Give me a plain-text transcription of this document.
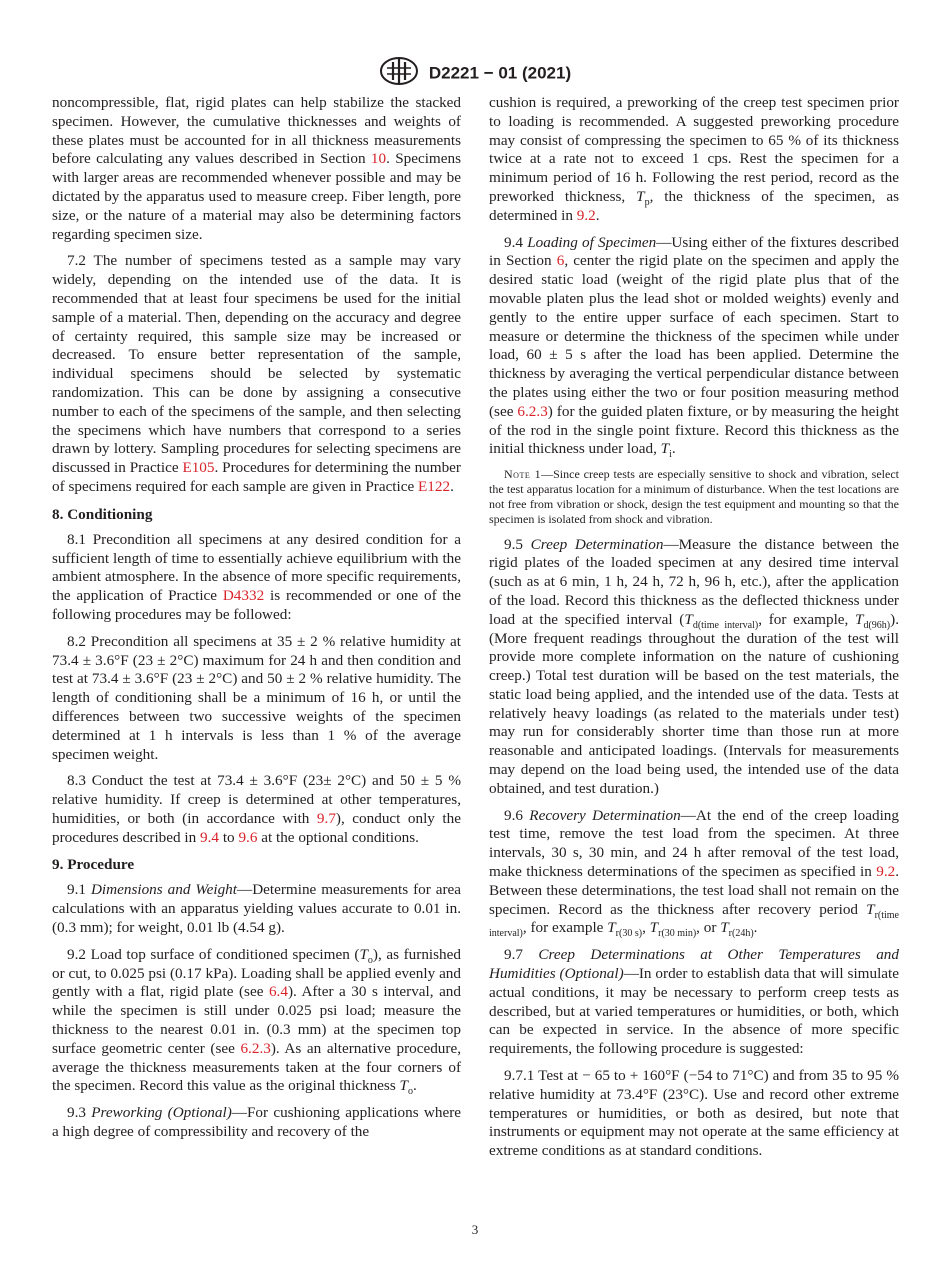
D2221 − 01 (2021)

noncompressible, flat, rigid plates can help stabilize the stacked specimen. However, the cumulative thicknesses and weights of these plates must be accounted for in all thickness measurements before calculating any values described in Section 10. Specimens with larger areas are recommended whenever possible and may be dictated by the apparatus used to measure creep. Fiber length, pore size, or the nature of a material may also be determining factors regarding specimen size.

7.2 The number of specimens tested as a sample may vary widely, depending on the intended use of the data. It is recommended that at least four specimens be used for the initial sample of a material. Then, depending on the accuracy and degree of certainty required, this sample size may be increased or decreased. To ensure better representation of the sample, individual specimens should be selected by systematic randomization. This can be done by assigning a consecutive number to each of the specimens of the sample, and then selecting the specimens which have numbers that correspond to a series drawn by lottery. Sampling procedures for selecting specimens are discussed in Practice E105. Procedures for determining the number of specimens required for each sample are given in Practice E122.

8. Conditioning

8.1 Precondition all specimens at any desired condition for a sufficient length of time to essentially achieve equilibrium with the ambient atmosphere. In the absence of more specific requirements, the application of Practice D4332 is recommended or one of the following procedures may be followed:

8.2 Precondition all specimens at 35 ± 2 % relative humidity at 73.4 ± 3.6°F (23 ± 2°C) maximum for 24 h and then condition and test at 73.4 ± 3.6°F (23 ± 2°C) and 50 ± 2 % relative humidity. The length of conditioning shall be a minimum of 16 h, or until the differences between two successive weights of the specimen determined at 1 h intervals is less than 1 % of the average specimen weight.

8.3 Conduct the test at 73.4 ± 3.6°F (23± 2°C) and 50 ± 5 % relative humidity. If creep is determined at other temperatures, humidities, or both (in accordance with 9.7), conduct only the procedures described in 9.4 to 9.6 at the optional conditions.

9. Procedure

9.1 Dimensions and Weight—Determine measurements for area calculations with an apparatus yielding values accurate to 0.01 in. (0.3 mm); for weight, 0.01 lb (4.54 g).

9.2 Load top surface of conditioned specimen $(T_o)$, as furnished or cut, to 0.025 psi (0.17 kPa). Loading shall be applied evenly and gently with a flat, rigid plate (see 6.4). After a 30 s interval, and while the specimen is still under 0.025 psi load; measure the thickness to the nearest 0.01 in. (0.3 mm) at the specimen top surface geometric center (see 6.2.3). As an alternative procedure, average the thickness measurements taken at the four corners of the specimen. Record this value as the original thickness $T_o$.

9.3 Preworking (Optional)—For cushioning applications where a high degree of compressibility and recovery of the

cushion is required, a preworking of the creep test specimen prior to loading is recommended. A suggested preworking procedure may consist of compressing the specimen to 65 % of its thickness twice at a rate not to exceed 1 cps. Rest the specimen for a minimum period of 16 h. Following the rest period, record as the preworked thickness, $T_p$, the thickness of the specimen, as determined in 9.2.

9.4 Loading of Specimen—Using either of the fixtures described in Section 6, center the rigid plate on the specimen and apply the desired static load (weight of the rigid plate plus that of the movable platen plus the lead shot or molded weights) evenly and gently to the entire upper surface of each specimen. Start to measure or determine the thickness of the specimen while under load, 60 ± 5 s after the load has been applied. Determine the thickness by averaging the vertical perpendicular distance between the plates using either the two or four position measuring method (see 6.2.3) for the guided platen fixture, or by measuring the height of the rod in the single point fixture. Record this thickness as the initial thickness under load, $T_i$.

Note 1—Since creep tests are especially sensitive to shock and vibration, select the test apparatus location for a minimum of disturbance. When the test locations are not free from vibration or shock, design the test equipment and mounting so that the specimen is isolated from shock and vibration.

9.5 Creep Determination—Measure the distance between the rigid plates of the loaded specimen at any desired time interval (such as at 6 min, 1 h, 24 h, 72 h, 96 h, etc.), after the application of the load. Record this thickness as the deflected thickness under load at the specified interval ($T_{d(time interval)}$, for example, $T_{d(96h)}).(More$ frequent readings throughout the duration of the test will provide more complete information on the nature of cushioning creep.) Total test duration will be based on the test materials, the static load being applied, and the intended use of the data. Tests at relatively heavy loadings (as related to the materials under test) may run for considerably shorter time than those run at more reasonable and anticipated loadings. (Intervals for measurements may depend on the load being used, the intended use of the data obtained, and test duration.)

9.6 Recovery Determination—At the end of the creep loading test time, remove the test load from the specimen. At three intervals, 30 s, 30 min, and 24 h after removal of the test load, make thickness determinations of the specimen as specified in 9.2. Between these determinations, the test load shall not remain on the specimen. Record as the thickness after recovery period $T_{r(time interval)}$, for example $T_{r(30 s)}$, $T_{r(30 min)}$, or $T_{r(24h)}$.

9.7 Creep Determinations at Other Temperatures and Humidities (Optional)—In order to establish data that will simulate actual conditions, it may be necessary to perform creep tests as described, but at varied temperatures or humidities, or both, which can be expected in service. In the absence of more specific requirements, the following procedure is suggested:

9.7.1 Test at − 65 to + 160°F (−54 to 71°C) and from 35 to 95 % relative humidity at 73.4°F (23°C). Use and record other extreme temperatures or humidities, or both as desired, but note that instruments or equipment may not operate at the same efficiency at extreme conditions as at standard conditions.

3
